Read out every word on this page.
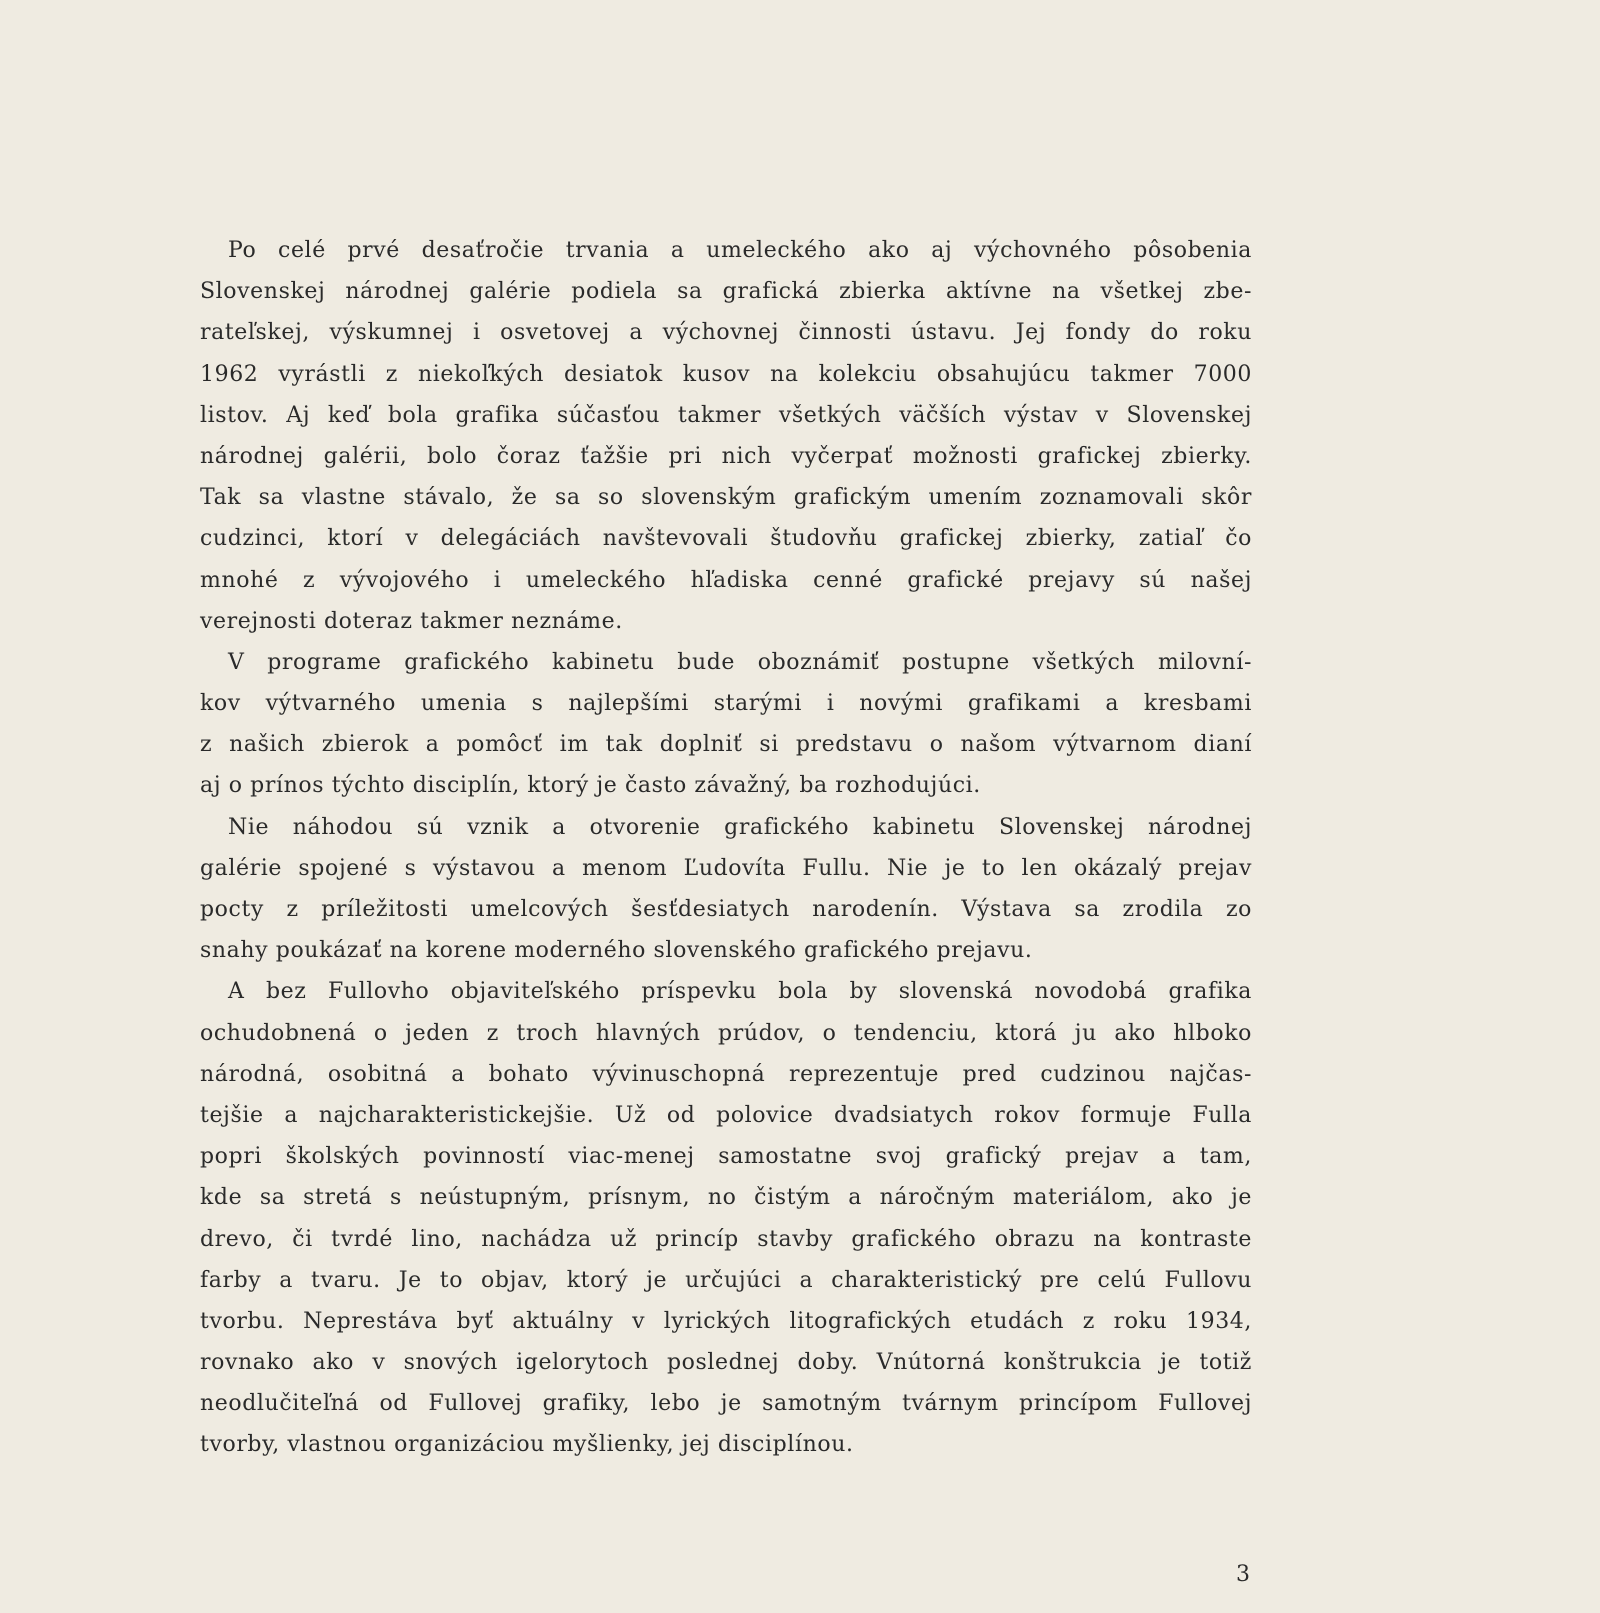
Po celé prvé desaťročie trvania a umeleckého ako aj výchovného pôsobenia
Slovenskej národnej galérie podiela sa grafická zbierka aktívne na všetkej zbe-
rateľskej, výskumnej i osvetovej a výchovnej činnosti ústavu. Jej fondy do roku
1962 vyrástli z niekoľkých desiatok kusov na kolekciu obsahujúcu takmer 7000
listov. Aj keď bola grafika súčasťou takmer všetkých väčších výstav v Slovenskej
národnej galérii, bolo čoraz ťažšie pri nich vyčerpať možnosti grafickej zbierky.
Tak sa vlastne stávalo, že sa so slovenským grafickým umením zoznamovali skôr
cudzinci, ktorí v delegáciách navštevovali študovňu grafickej zbierky, zatiaľ čo
mnohé z vývojového i umeleckého hľadiska cenné grafické prejavy sú našej
verejnosti doteraz takmer neznáme.
V programe grafického kabinetu bude oboznámiť postupne všetkých milovní-
kov výtvarného umenia s najlepšími starými i novými grafikami a kresbami
z našich zbierok a pomôcť im tak doplniť si predstavu o našom výtvarnom dianí
aj o prínos týchto disciplín, ktorý je často závažný, ba rozhodujúci.
Nie náhodou sú vznik a otvorenie grafického kabinetu Slovenskej národnej
galérie spojené s výstavou a menom Ľudovíta Fullu. Nie je to len okázalý prejav
pocty z príležitosti umelcových šesťdesiatych narodenín. Výstava sa zrodila zo
snahy poukázať na korene moderného slovenského grafického prejavu.
A bez Fullovho objaviteľského príspevku bola by slovenská novodobá grafika
ochudobnená o jeden z troch hlavných prúdov, o tendenciu, ktorá ju ako hlboko
národná, osobitná a bohato vývinuschopná reprezentuje pred cudzinou najčas-
tejšie a najcharakteristickejšie. Už od polovice dvadsiatych rokov formuje Fulla
popri školských povinností viac-menej samostatne svoj grafický prejav a tam,
kde sa stretá s neústupným, prísnym, no čistým a náročným materiálom, ako je
drevo, či tvrdé lino, nachádza už princíp stavby grafického obrazu na kontraste
farby a tvaru. Je to objav, ktorý je určujúci a charakteristický pre celú Fullovu
tvorbu. Neprestáva byť aktuálny v lyrických litografických etudách z roku 1934,
rovnako ako v snových igelorytoch poslednej doby. Vnútorná konštrukcia je totiž
neodlučiteľná od Fullovej grafiky, lebo je samotným tvárnym princípom Fullovej
tvorby, vlastnou organizáciou myšlienky, jej disciplínou.
3
